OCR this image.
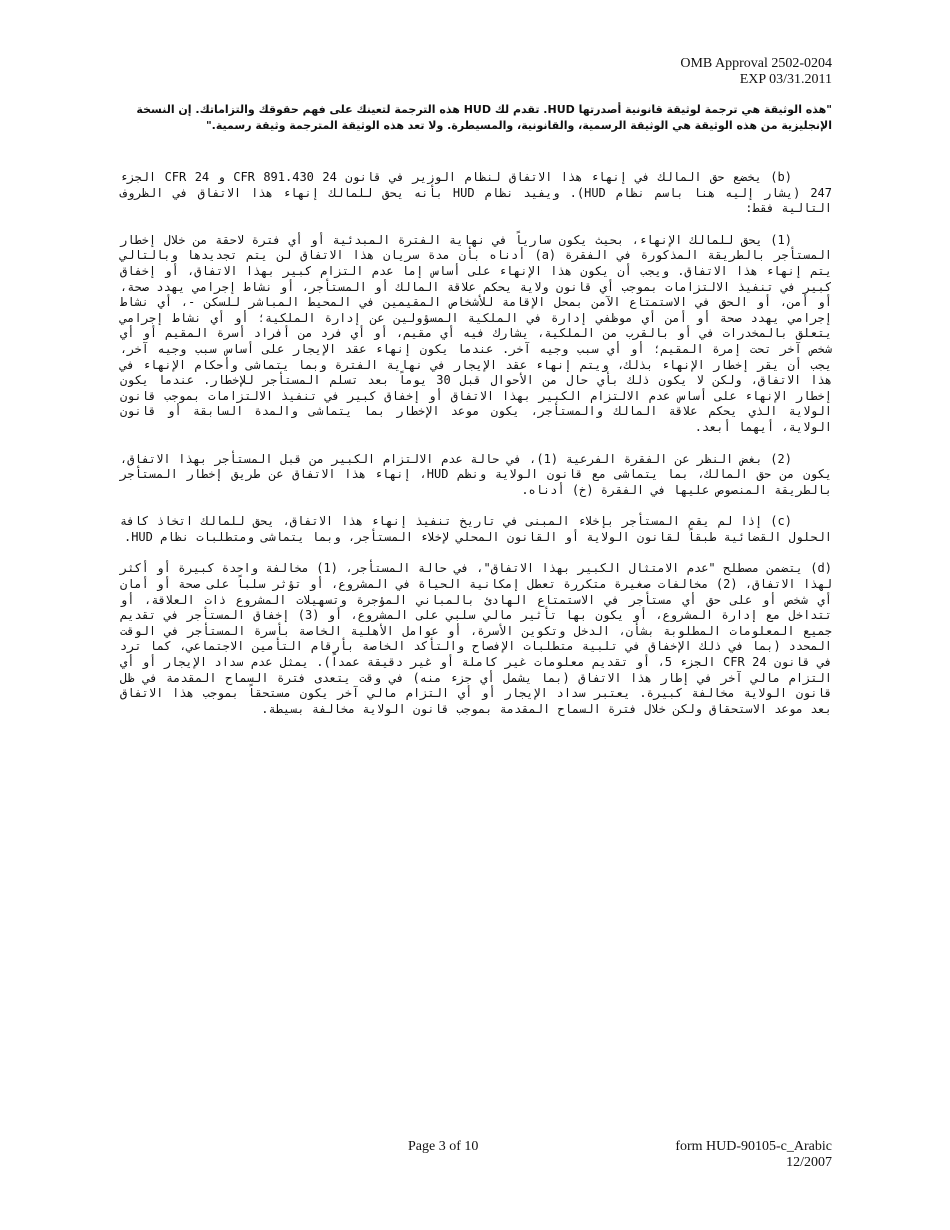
OMB Approval 2502-0204
EXP 03/31.2011
"هذه الوثيقة هي ترجمة لوثيقة قانونية أصدرتها HUD. تقدم لك HUD هذه الترجمة لتعينك على فهم حقوقك والتزاماتك. إن النسخة الإنجليزية من هذه الوثيقة هي الوثيقة الرسمية، والقانونية، والمسيطرة. ولا تعد هذه الوثيقة المترجمة وثيقة رسمية."

(b) يخضع حق المالك في إنهاء هذا الاتفاق لنظام الوزير في قانون 24 CFR 891.430 و 24 CFR الجزء 247 (يشار إليه هنا باسم نظام HUD). ويفيد نظام HUD بأنه يحق للمالك إنهاء هذا الاتفاق في الظروف التالية فقط:

(1) يحق للمالك الإنهاء، بحيث يكون سارياً في نهاية الفترة المبدئية أو أي فترة لاحقة من خلال إخطار المستأجر بالطريقة المذكورة في الفقرة (a) أدناه بأن مدة سريان هذا الاتفاق لن يتم تجديدها وبالتالي يتم إنهاء هذا الاتفاق. ويجب أن يكون هذا الإنهاء على أساس إما عدم التزام كبير بهذا الاتفاق، أو إخفاق كبير في تنفيذ الالتزامات بموجب أي قانون ولاية يحكم علاقة المالك أو المستأجر، أو نشاط إجرامي يهدد صحة، أو أمن، أو الحق في الاستمتاع الآمن بمحل الإقامة للأشخاص المقيمين في المحيط المباشر للسكن -، أي نشاط إجرامي يهدد صحة أو أمن أي موظفي إدارة في الملكية المسؤولين عن إدارة الملكية؛ أو أي نشاط إجرامي يتعلق بالمخدرات في أو بالقرب من الملكية، يشارك فيه أي مقيم، أو أي فرد من أفراد أسرة المقيم أو أي شخص آخر تحت إمرة المقيم؛ أو أي سبب وجيه آخر. عندما يكون إنهاء عقد الإيجار على أساس سبب وجيه آخر، يجب أن يقر إخطار الإنهاء بذلك، ويتم إنهاء عقد الإيجار في نهاية الفترة وبما يتماشى وأحكام الإنهاء في هذا الاتفاق، ولكن لا يكون ذلك بأي حال من الأحوال قبل 30 يوماً بعد تسلم المستأجر للإخطار. عندما يكون إخطار الإنهاء على أساس عدم الالتزام الكبير بهذا الاتفاق أو إخفاق كبير في تنفيذ الالتزامات بموجب قانون الولاية الذي يحكم علاقة المالك والمستأجر، يكون موعد الإخطار بما يتماشى والمدة السابقة أو قانون الولاية، أيهما أبعد.

(2) بغض النظر عن الفقرة الفرعية (1)، في حالة عدم الالتزام الكبير من قبل المستأجر بهذا الاتفاق، يكون من حق المالك، بما يتماشى مع قانون الولاية ونظم HUD، إنهاء هذا الاتفاق عن طريق إخطار المستأجر بالطريقة المنصوص عليها في الفقرة (خ) أدناه.

(c) إذا لم يقم المستأجر بإخلاء المبنى في تاريخ تنفيذ إنهاء هذا الاتفاق، يحق للمالك اتخاذ كافة الحلول القضائية طبقاً لقانون الولاية أو القانون المحلي لإخلاء المستأجر، وبما يتماشى ومتطلبات نظام HUD.

(d) يتضمن مصطلح "عدم الامتثال الكبير بهذا الاتفاق"، في حالة المستأجر، (1) مخالفة واحدة كبيرة أو أكثر لهذا الاتفاق، (2) مخالفات صغيرة متكررة تعطل إمكانية الحياة في المشروع، أو تؤثر سلباً على صحة أو أمان أي شخص أو على حق أي مستأجر في الاستمتاع الهادئ بالمباني المؤجرة وتسهيلات المشروع ذات العلاقة، أو تتداخل مع إدارة المشروع، أو يكون بها تأثير مالي سلبي على المشروع، أو (3) إخفاق المستأجر في تقديم جميع المعلومات المطلوبة بشأن، الدخل وتكوين الأسرة، أو عوامل الأهلية الخاصة بأسرة المستأجر في الوقت المحدد (بما في ذلك الإخفاق في تلبية متطلبات الإفصاح والتأكد الخاصة بأرقام التأمين الاجتماعي، كما ترد في قانون 24 CFR الجزء 5، أو تقديم معلومات غير كاملة أو غير دقيقة عمداً). يمثل عدم سداد الإيجار أو أي التزام مالي آخر في إطار هذا الاتفاق (بما يشمل أي جزء منه) في وقت يتعدى فترة السماح المقدمة في ظل قانون الولاية مخالفة كبيرة. يعتبر سداد الإيجار أو أي التزام مالي آخر يكون مستحقاً بموجب هذا الاتفاق بعد موعد الاستحقاق ولكن خلال فترة السماح المقدمة بموجب قانون الولاية مخالفة بسيطة.

Page 3 of 10	form HUD-90105-c_Arabic
12/2007
